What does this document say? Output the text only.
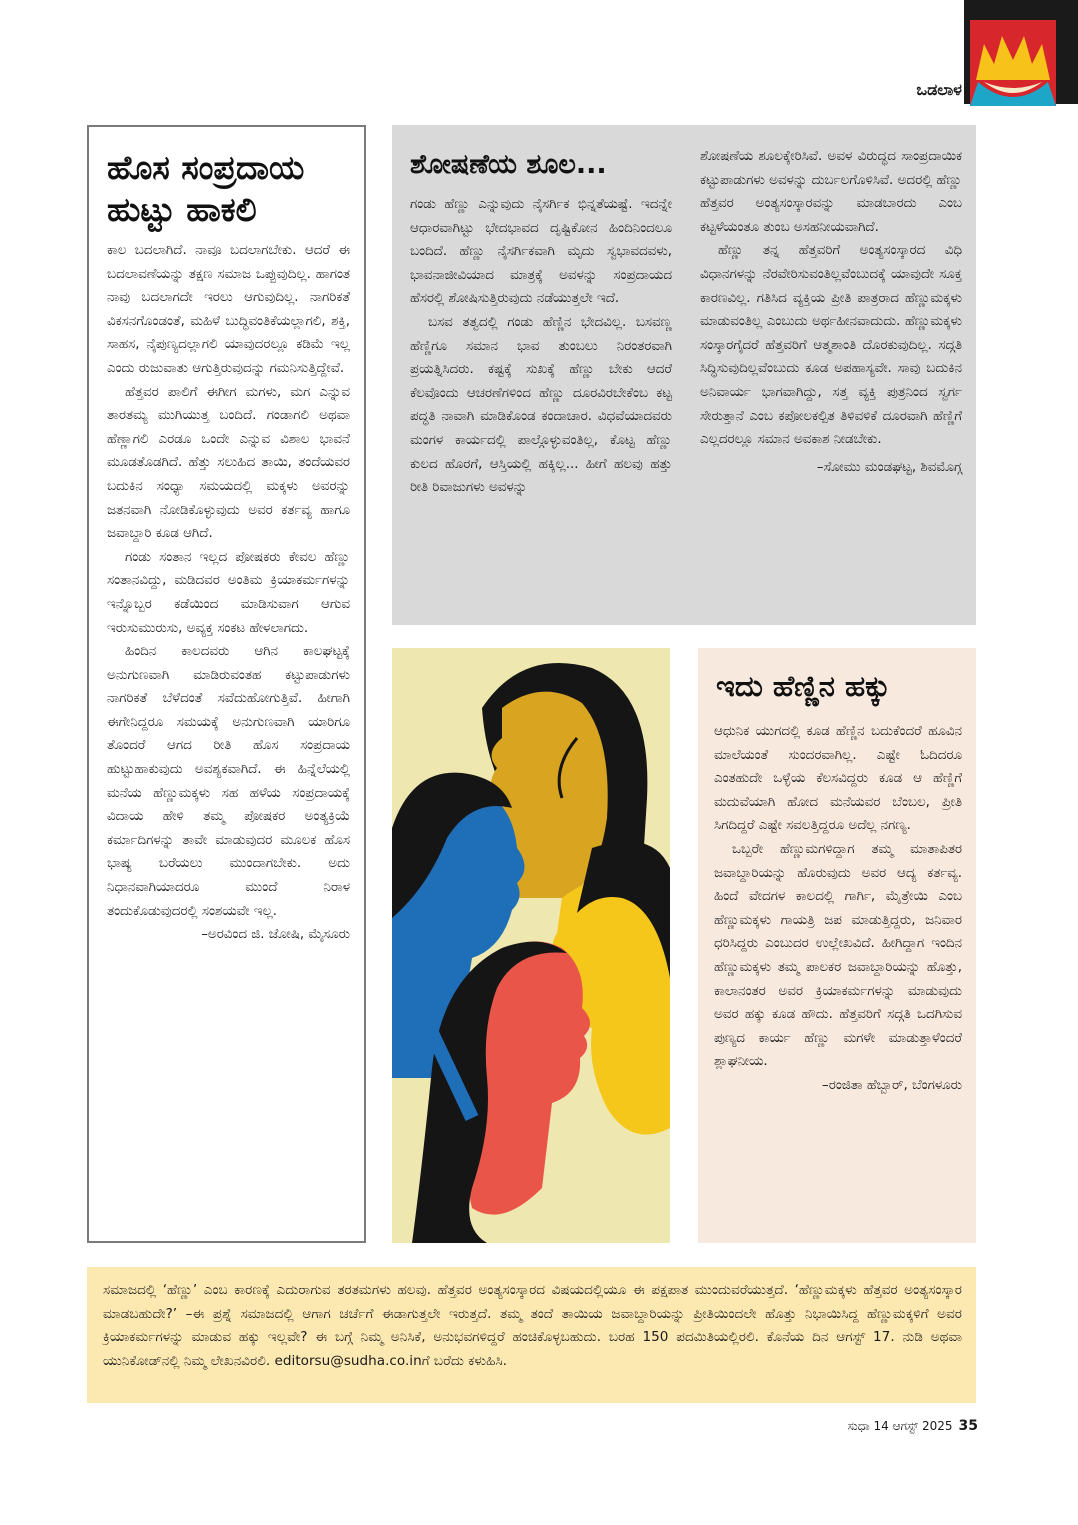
ಒಡಲಾಳ
ಹೊಸ ಸಂಪ್ರದಾಯ ಹುಟ್ಟು ಹಾಕಲಿ

ಕಾಲ ಬದಲಾಗಿದೆ. ನಾವೂ ಬದಲಾಗಬೇಕು. ಆದರೆ ಈ ಬದಲಾವಣೆಯನ್ನು ತಕ್ಷಣ ಸಮಾಜ ಒಪ್ಪುವುದಿಲ್ಲ. ಹಾಗಂತ ನಾವು ಬದಲಾಗದೇ ಇರಲು ಆಗುವುದಿಲ್ಲ. ನಾಗರಿಕತೆ ವಿಕಸನಗೊಂಡಂತೆ, ಮಹಿಳೆ ಬುದ್ಧಿವಂತಿಕೆಯಲ್ಲಾಗಲಿ, ಶಕ್ತಿ, ಸಾಹಸ, ನೈಪುಣ್ಯದಲ್ಲಾಗಲಿ ಯಾವುದರಲ್ಲೂ ಕಡಿಮೆ ಇಲ್ಲ ಎಂದು ರುಜುವಾತು ಆಗುತ್ತಿರುವುದನ್ನು ಗಮನಿಸುತ್ತಿದ್ದೇವೆ.

ಹೆತ್ತವರ ಪಾಲಿಗೆ ಈಗೀಗ ಮಗಳು, ಮಗ ಎನ್ನುವ ತಾರತಮ್ಯ ಮುಗಿಯುತ್ತ ಬಂದಿದೆ. ಗಂಡಾಗಲಿ ಅಥವಾ ಹೆಣ್ಣಾಗಲಿ ಎರಡೂ ಒಂದೇ ಎನ್ನುವ ವಿಶಾಲ ಭಾವನೆ ಮೂಡತೊಡಗಿದೆ. ಹೆತ್ತು ಸಲುಹಿದ ತಾಯಿ, ತಂದೆಯವರ ಬದುಕಿನ ಸಂಧ್ಯಾ ಸಮಯದಲ್ಲಿ ಮಕ್ಕಳು ಅವರನ್ನು ಜತನವಾಗಿ ನೋಡಿಕೊಳ್ಳುವುದು ಅವರ ಕರ್ತವ್ಯ ಹಾಗೂ ಜವಾಬ್ದಾರಿ ಕೂಡ ಆಗಿದೆ.

ಗಂಡು ಸಂತಾನ ಇಲ್ಲದ ಪೋಷಕರು ಕೇವಲ ಹೆಣ್ಣು ಸಂತಾನವಿದ್ದು, ಮಡಿದವರ ಅಂತಿಮ ಕ್ರಿಯಾಕರ್ಮಗಳನ್ನು ಇನ್ನೊಬ್ಬರ ಕಡೆಯಿಂದ ಮಾಡಿಸುವಾಗ ಆಗುವ ಇರುಸುಮುರುಸು, ಅವ್ಯಕ್ತ ಸಂಕಟ ಹೇಳಲಾಗದು.

ಹಿಂದಿನ ಕಾಲದವರು ಆಗಿನ ಕಾಲಘಟ್ಟಕ್ಕೆ ಅನುಗುಣವಾಗಿ ಮಾಡಿರುವಂತಹ ಕಟ್ಟುಪಾಡುಗಳು ನಾಗರಿಕತೆ ಬೆಳೆದಂತೆ ಸವೆದುಹೋಗುತ್ತಿವೆ. ಹೀಗಾಗಿ ಈಗೇನಿದ್ದರೂ ಸಮಯಕ್ಕೆ ಅನುಗುಣವಾಗಿ ಯಾರಿಗೂ ತೊಂದರೆ ಆಗದ ರೀತಿ ಹೊಸ ಸಂಪ್ರದಾಯ ಹುಟ್ಟುಹಾಕುವುದು ಅವಶ್ಯಕವಾಗಿದೆ. ಈ ಹಿನ್ನೆಲೆಯಲ್ಲಿ ಮನೆಯ ಹೆಣ್ಣುಮಕ್ಕಳು ಸಹ ಹಳೆಯ ಸಂಪ್ರದಾಯಕ್ಕೆ ವಿದಾಯ ಹೇಳಿ ತಮ್ಮ ಪೋಷಕರ ಅಂತ್ಯಕ್ರಿಯೆ ಕರ್ಮಾದಿಗಳನ್ನು ತಾವೇ ಮಾಡುವುದರ ಮೂಲಕ ಹೊಸ ಭಾಷ್ಯ ಬರೆಯಲು ಮುಂದಾಗಬೇಕು. ಅದು ನಿಧಾನವಾಗಿಯಾದರೂ ಮುಂದೆ ನಿರಾಳ ತಂದುಕೊಡುವುದರಲ್ಲಿ ಸಂಶಯವೇ ಇಲ್ಲ.

–ಅರವಿಂದ ಜಿ. ಜೋಷಿ, ಮೈಸೂರು
ಶೋಷಣೆಯ ಶೂಲ...

ಗಂಡು ಹೆಣ್ಣು ಎನ್ನುವುದು ನೈಸರ್ಗಿಕ ಭಿನ್ನತೆಯಷ್ಟೆ. ಇದನ್ನೇ ಆಧಾರವಾಗಿಟ್ಟು ಭೇದಭಾವದ ದೃಷ್ಟಿಕೋನ ಹಿಂದಿನಿಂದಲೂ ಬಂದಿದೆ. ಹೆಣ್ಣು ನೈಸರ್ಗಿಕವಾಗಿ ಮೃದು ಸ್ವಭಾವದವಳು, ಭಾವನಾಜೀವಿಯಾದ ಮಾತ್ರಕ್ಕೆ ಅವಳನ್ನು ಸಂಪ್ರದಾಯದ ಹೆಸರಲ್ಲಿ ಶೋಷಿಸುತ್ತಿರುವುದು ನಡೆಯುತ್ತಲೇ ಇದೆ.

ಬಸವ ತತ್ವದಲ್ಲಿ ಗಂಡು ಹೆಣ್ಣಿನ ಭೇದವಿಲ್ಲ. ಬಸವಣ್ಣ ಹೆಣ್ಣಿಗೂ ಸಮಾನ ಭಾವ ತುಂಬಲು ನಿರಂತರವಾಗಿ ಪ್ರಯತ್ನಿಸಿದರು. ಕಷ್ಟಕ್ಕೆ ಸುಖಕ್ಕೆ ಹೆಣ್ಣು ಬೇಕು ಆದರೆ ಕೆಲವೊಂದು ಆಚರಣೆಗಳಿಂದ ಹೆಣ್ಣು ದೂರವಿರಬೇಕೆಂಬ ಕಟ್ಟ ಪದ್ಧತಿ ನಾವಾಗಿ ಮಾಡಿಕೊಂಡ ಕಂದಾಚಾರ. ವಿಧವೆಯಾದವರು ಮಂಗಳ ಕಾರ್ಯದಲ್ಲಿ ಪಾಲ್ಗೊಳ್ಳುವಂತಿಲ್ಲ, ಕೊಟ್ಟ ಹೆಣ್ಣು ಕುಲದ ಹೊರಗೆ, ಆಸ್ತಿಯಲ್ಲಿ ಹಕ್ಕಿಲ್ಲ... ಹೀಗೆ ಹಲವು ಹತ್ತು ರೀತಿ ರಿವಾಜುಗಳು ಅವಳನ್ನು

ಶೋಷಣೆಯ ಶೂಲಕ್ಕೇರಿಸಿವೆ. ಅವಳ ವಿರುದ್ಧದ ಸಾಂಪ್ರದಾಯಿಕ ಕಟ್ಟುಪಾಡುಗಳು ಅವಳನ್ನು ದುರ್ಬಲಗೊಳಿಸಿವೆ. ಅದರಲ್ಲಿ ಹೆಣ್ಣು ಹೆತ್ತವರ ಅಂತ್ಯಸಂಸ್ಕಾರವನ್ನು ಮಾಡಬಾರದು ಎಂಬ ಕಟ್ಟಳೆಯಂತೂ ತುಂಬ ಅಸಹನೀಯವಾಗಿದೆ.

ಹೆಣ್ಣು ತನ್ನ ಹೆತ್ತವರಿಗೆ ಅಂತ್ಯಸಂಸ್ಕಾರದ ವಿಧಿ ವಿಧಾನಗಳನ್ನು ನೆರವೇರಿಸುವಂತಿಲ್ಲವೆಂಬುದಕ್ಕೆ ಯಾವುದೇ ಸೂಕ್ತ ಕಾರಣವಿಲ್ಲ. ಗತಿಸಿದ ವ್ಯಕ್ತಿಯ ಪ್ರೀತಿ ಪಾತ್ರರಾದ ಹೆಣ್ಣುಮಕ್ಕಳು ಮಾಡುವಂತಿಲ್ಲ ಎಂಬುದು ಅರ್ಥಹೀನವಾದುದು. ಹೆಣ್ಣುಮಕ್ಕಳು ಸಂಸ್ಕಾರಗೈದರೆ ಹೆತ್ತವರಿಗೆ ಆತ್ಮಶಾಂತಿ ದೊರಕುವುದಿಲ್ಲ. ಸದ್ಗತಿ ಸಿದ್ಧಿಸುವುದಿಲ್ಲವೆಂಬುದು ಕೂಡ ಅಪಹಾಸ್ಯವೇ. ಸಾವು ಬದುಕಿನ ಅನಿವಾರ್ಯ ಭಾಗವಾಗಿದ್ದು, ಸತ್ತ ವ್ಯಕ್ತಿ ಪುತ್ರನಿಂದ ಸ್ವರ್ಗ ಸೇರುತ್ತಾನೆ ಎಂಬ ಕಪೋಲಕಲ್ಪಿತ ತಿಳಿವಳಿಕೆ ದೂರವಾಗಿ ಹೆಣ್ಣಿಗೆ ಎಲ್ಲದರಲ್ಲೂ ಸಮಾನ ಅವಕಾಶ ನೀಡಬೇಕು.

–ಸೋಮು ಮಂಡಘಟ್ಟ, ಶಿವಮೊಗ್ಗ
ಇದು ಹೆಣ್ಣಿನ ಹಕ್ಕು

ಆಧುನಿಕ ಯುಗದಲ್ಲಿ ಕೂಡ ಹೆಣ್ಣಿನ ಬದುಕೆಂದರೆ ಹೂವಿನ ಮಾಲೆಯಂತೆ ಸುಂದರವಾಗಿಲ್ಲ. ಎಷ್ಟೇ ಓದಿದರೂ ಎಂತಹುದೇ ಒಳ್ಳೆಯ ಕೆಲಸವಿದ್ದರು ಕೂಡ ಆ ಹೆಣ್ಣಿಗೆ ಮದುವೆಯಾಗಿ ಹೋದ ಮನೆಯವರ ಬೆಂಬಲ, ಪ್ರೀತಿ ಸಿಗದಿದ್ದರೆ ಎಷ್ಟೇ ಸವಲತ್ತಿದ್ದರೂ ಅದೆಲ್ಲ ನಗಣ್ಯ.

ಒಬ್ಬರೇ ಹೆಣ್ಣುಮಗಳಿದ್ದಾಗ ತಮ್ಮ ಮಾತಾಪಿತರ ಜವಾಬ್ದಾರಿಯನ್ನು ಹೊರುವುದು ಅವರ ಆದ್ಯ ಕರ್ತವ್ಯ. ಹಿಂದೆ ವೇದಗಳ ಕಾಲದಲ್ಲಿ ಗಾರ್ಗಿ, ಮೈತ್ರೇಯಿ ಎಂಬ ಹೆಣ್ಣುಮಕ್ಕಳು ಗಾಯತ್ರಿ ಜಪ ಮಾಡುತ್ತಿದ್ದರು, ಜನಿವಾರ ಧರಿಸಿದ್ದರು ಎಂಬುದರ ಉಲ್ಲೇಖವಿದೆ. ಹೀಗಿದ್ದಾಗ ಇಂದಿನ ಹೆಣ್ಣುಮಕ್ಕಳು ತಮ್ಮ ಪಾಲಕರ ಜವಾಬ್ದಾರಿಯನ್ನು ಹೊತ್ತು, ಕಾಲಾನಂತರ ಅವರ ಕ್ರಿಯಾಕರ್ಮಗಳನ್ನು ಮಾಡುವುದು ಅವರ ಹಕ್ಕು ಕೂಡ ಹೌದು. ಹೆತ್ತವರಿಗೆ ಸದ್ಗತಿ ಒದಗಿಸುವ ಪುಣ್ಯದ ಕಾರ್ಯ ಹೆಣ್ಣು ಮಗಳೇ ಮಾಡುತ್ತಾಳೆಂದರೆ ಶ್ಲಾಘನೀಯ.

–ರಂಜಿತಾ ಹೆಬ್ಬಾರ್, ಬೆಂಗಳೂರು

ಸಮಾಜದಲ್ಲಿ ‘ಹೆಣ್ಣು’ ಎಂಬ ಕಾರಣಕ್ಕೆ ಎದುರಾಗುವ ತರತಮಗಳು ಹಲವು. ಹೆತ್ತವರ ಅಂತ್ಯಸಂಸ್ಕಾರದ ವಿಷಯದಲ್ಲಿಯೂ ಈ ಪಕ್ಷಪಾತ ಮುಂದುವರೆಯುತ್ತದೆ. ‘ಹೆಣ್ಣುಮಕ್ಕಳು ಹೆತ್ತವರ ಅಂತ್ಯಸಂಸ್ಕಾರ ಮಾಡಬಹುದೇ?’ –ಈ ಪ್ರಶ್ನೆ ಸಮಾಜದಲ್ಲಿ ಆಗಾಗ ಚರ್ಚೆಗೆ ಈಡಾಗುತ್ತಲೇ ಇರುತ್ತದೆ. ತಮ್ಮ ತಂದೆ ತಾಯಿಯ ಜವಾಬ್ದಾರಿಯನ್ನು ಪ್ರೀತಿಯಿಂದಲೇ ಹೊತ್ತು ನಿಭಾಯಿಸಿದ್ದ ಹೆಣ್ಣುಮಕ್ಕಳಿಗೆ ಅವರ ಕ್ರಿಯಾಕರ್ಮಗಳನ್ನು ಮಾಡುವ ಹಕ್ಕು ಇಲ್ಲವೇ? ಈ ಬಗ್ಗೆ ನಿಮ್ಮ ಅನಿಸಿಕೆ, ಅನುಭವಗಳಿದ್ದರೆ ಹಂಚಿಕೊಳ್ಳಬಹುದು. ಬರಹ 150 ಪದಮಿತಿಯಲ್ಲಿರಲಿ. ಕೊನೆಯ ದಿನ ಆಗಸ್ಟ್ 17. ನುಡಿ ಅಥವಾ ಯುನಿಕೋಡ್‌ನಲ್ಲಿ ನಿಮ್ಮ ಲೇಖನವಿರಲಿ. editorsu@sudha.co.inಗೆ ಬರೆದು ಕಳುಹಿಸಿ.

ಸುಧಾ 14 ಆಗಸ್ಟ್ 2025 35
